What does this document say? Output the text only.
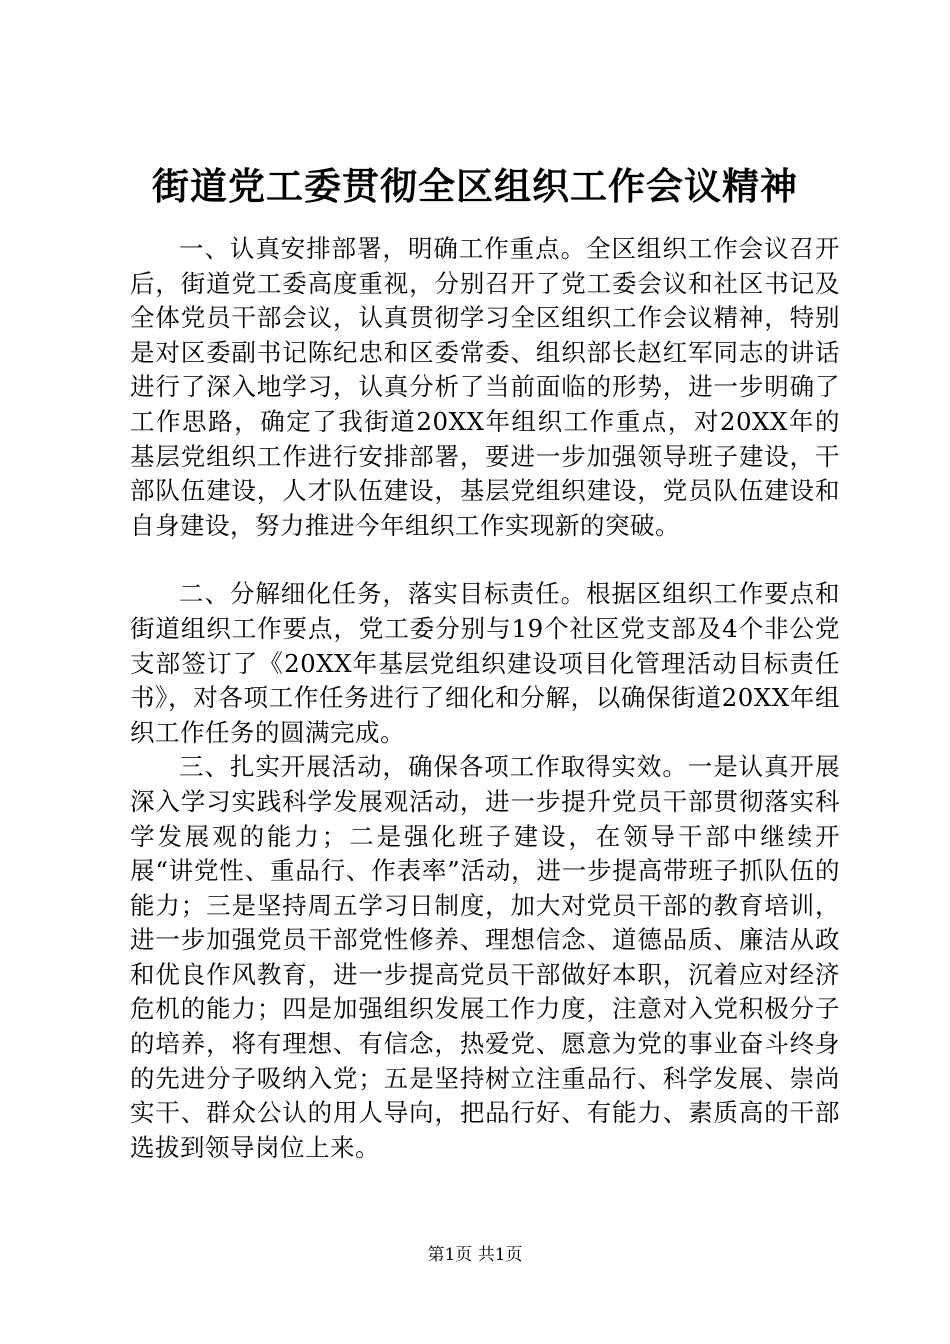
街道党工委贯彻全区组织工作会议精神

一、认真安排部署，明确工作重点。全区组织工作会议召开后，街道党工委高度重视，分别召开了党工委会议和社区书记及全体党员干部会议，认真贯彻学习全区组织工作会议精神，特别是对区委副书记陈纪忠和区委常委、组织部长赵红军同志的讲话进行了深入地学习，认真分析了当前面临的形势，进一步明确了工作思路，确定了我街道20XX年组织工作重点，对20XX年的基层党组织工作进行安排部署，要进一步加强领导班子建设，干部队伍建设，人才队伍建设，基层党组织建设，党员队伍建设和自身建设，努力推进今年组织工作实现新的突破。

二、分解细化任务，落实目标责任。根据区组织工作要点和街道组织工作要点，党工委分别与19个社区党支部及4个非公党支部签订了《20XX年基层党组织建设项目化管理活动目标责任书》，对各项工作任务进行了细化和分解，以确保街道20XX年组织工作任务的圆满完成。

三、扎实开展活动，确保各项工作取得实效。一是认真开展深入学习实践科学发展观活动，进一步提升党员干部贯彻落实科学发展观的能力；二是强化班子建设，在领导干部中继续开展“讲党性、重品行、作表率”活动，进一步提高带班子抓队伍的能力；三是坚持周五学习日制度，加大对党员干部的教育培训，进一步加强党员干部党性修养、理想信念、道德品质、廉洁从政和优良作风教育，进一步提高党员干部做好本职，沉着应对经济危机的能力；四是加强组织发展工作力度，注意对入党积极分子的培养，将有理想、有信念，热爱党、愿意为党的事业奋斗终身的先进分子吸纳入党；五是坚持树立注重品行、科学发展、崇尚实干、群众公认的用人导向，把品行好、有能力、素质高的干部选拔到领导岗位上来。

第1页 共1页
